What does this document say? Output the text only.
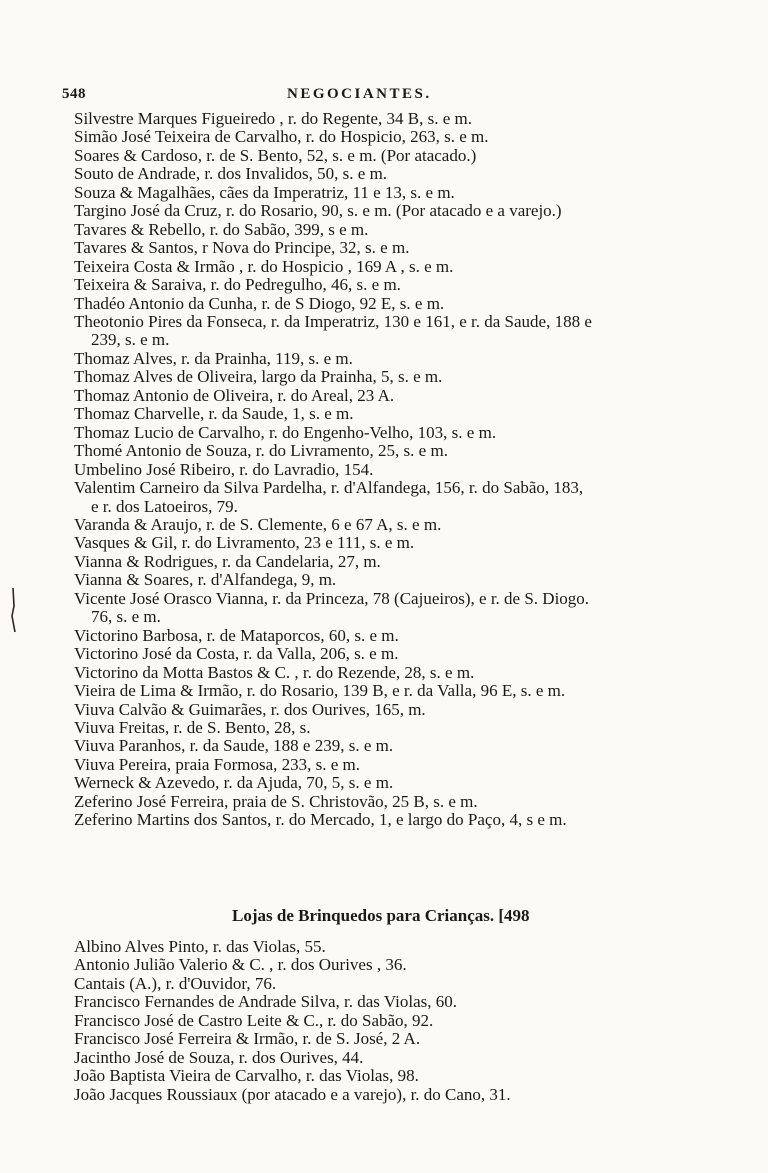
548	NEGOCIANTES.
Silvestre Marques Figueiredo , r. do Regente, 34 B, s. e m.
Simão José Teixeira de Carvalho, r. do Hospicio, 263, s. e m.
Soares & Cardoso, r. de S. Bento, 52, s. e m. (Por atacado.)
Souto de Andrade, r. dos Invalidos, 50, s. e m.
Souza & Magalhães, cães da Imperatriz, 11 e 13, s. e m.
Targino José da Cruz, r. do Rosario, 90, s. e m. (Por atacado e a varejo.)
Tavares & Rebello, r. do Sabão, 399, s e m.
Tavares & Santos, r Nova do Principe, 32, s. e m.
Teixeira Costa & Irmão , r. do Hospicio , 169 A , s. e m.
Teixeira & Saraiva, r. do Pedregulho, 46, s. e m.
Thadéo Antonio da Cunha, r. de S Diogo, 92 E, s. e m.
Theotonio Pires da Fonseca, r. da Imperatriz, 130 e 161, e r. da Saude, 188 e
239, s. e m.
Thomaz Alves, r. da Prainha, 119, s. e m.
Thomaz Alves de Oliveira, largo da Prainha, 5, s. e m.
Thomaz Antonio de Oliveira, r. do Areal, 23 A.
Thomaz Charvelle, r. da Saude, 1, s. e m.
Thomaz Lucio de Carvalho, r. do Engenho-Velho, 103, s. e m.
Thomé Antonio de Souza, r. do Livramento, 25, s. e m.
Umbelino José Ribeiro, r. do Lavradio, 154.
Valentim Carneiro da Silva Pardelha, r. d'Alfandega, 156, r. do Sabão, 183,
e r. dos Latoeiros, 79.
Varanda & Araujo, r. de S. Clemente, 6 e 67 A, s. e m.
Vasques & Gil, r. do Livramento, 23 e 111, s. e m.
Vianna & Rodrigues, r. da Candelaria, 27, m.
Vianna & Soares, r. d'Alfandega, 9, m.
Vicente José Orasco Vianna, r. da Princeza, 78 (Cajueiros), e r. de S. Diogo.
76, s. e m.
Victorino Barbosa, r. de Mataporcos, 60, s. e m.
Victorino José da Costa, r. da Valla, 206, s. e m.
Victorino da Motta Bastos & C. , r. do Rezende, 28, s. e m.
Vieira de Lima & Irmão, r. do Rosario, 139 B, e r. da Valla, 96 E, s. e m.
Viuva Calvão & Guimarães, r. dos Ourives, 165, m.
Viuva Freitas, r. de S. Bento, 28, s.
Viuva Paranhos, r. da Saude, 188 e 239, s. e m.
Viuva Pereira, praia Formosa, 233, s. e m.
Werneck & Azevedo, r. da Ajuda, 70, 5, s. e m.
Zeferino José Ferreira, praia de S. Christovão, 25 B, s. e m.
Zeferino Martins dos Santos, r. do Mercado, 1, e largo do Paço, 4, s e m.
Lojas de Brinquedos para Crianças. [498
Albino Alves Pinto, r. das Violas, 55.
Antonio Julião Valerio & C. , r. dos Ourives , 36.
Cantais (A.), r. d'Ouvidor, 76.
Francisco Fernandes de Andrade Silva, r. das Violas, 60.
Francisco José de Castro Leite & C., r. do Sabão, 92.
Francisco José Ferreira & Irmão, r. de S. José, 2 A.
Jacintho José de Souza, r. dos Ourives, 44.
João Baptista Vieira de Carvalho, r. das Violas, 98.
João Jacques Roussiaux (por atacado e a varejo), r. do Cano, 31.
